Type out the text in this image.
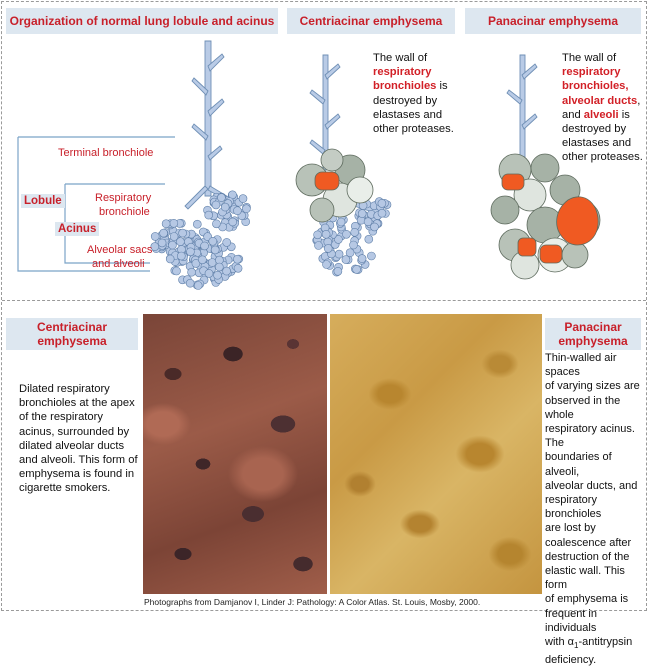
Organization of normal lung lobule and acinus	Centriacinar emphysema	Panacinar emphysema
Terminal bronchiole
Respiratory
bronchiole
Alveolar sacs
and alveoli
Lobule
Acinus
The wall of
respiratory
bronchioles is
destroyed by
elastases and
other proteases.
The wall of
respiratory
bronchioles,
alveolar ducts,
and alveoli is
destroyed by
elastases and
other proteases.
Centriacinar
emphysema
Dilated respiratory
bronchioles at the apex
of the respiratory
acinus, surrounded by
dilated alveolar ducts
and alveoli. This form of
emphysema is found in
cigarette smokers.
Panacinar
emphysema
Thin-walled air spaces
of varying sizes are
observed in the whole
respiratory acinus. The
boundaries of alveoli,
alveolar ducts, and
respiratory bronchioles
are lost by
coalescence after
destruction of the
elastic wall. This form
of emphysema is
frequent in individuals
with $\alpha_1$-antitrypsin
deficiency.
Photographs from Damjanov I, Linder J: Pathology: A Color Atlas. St. Louis, Mosby, 2000.
